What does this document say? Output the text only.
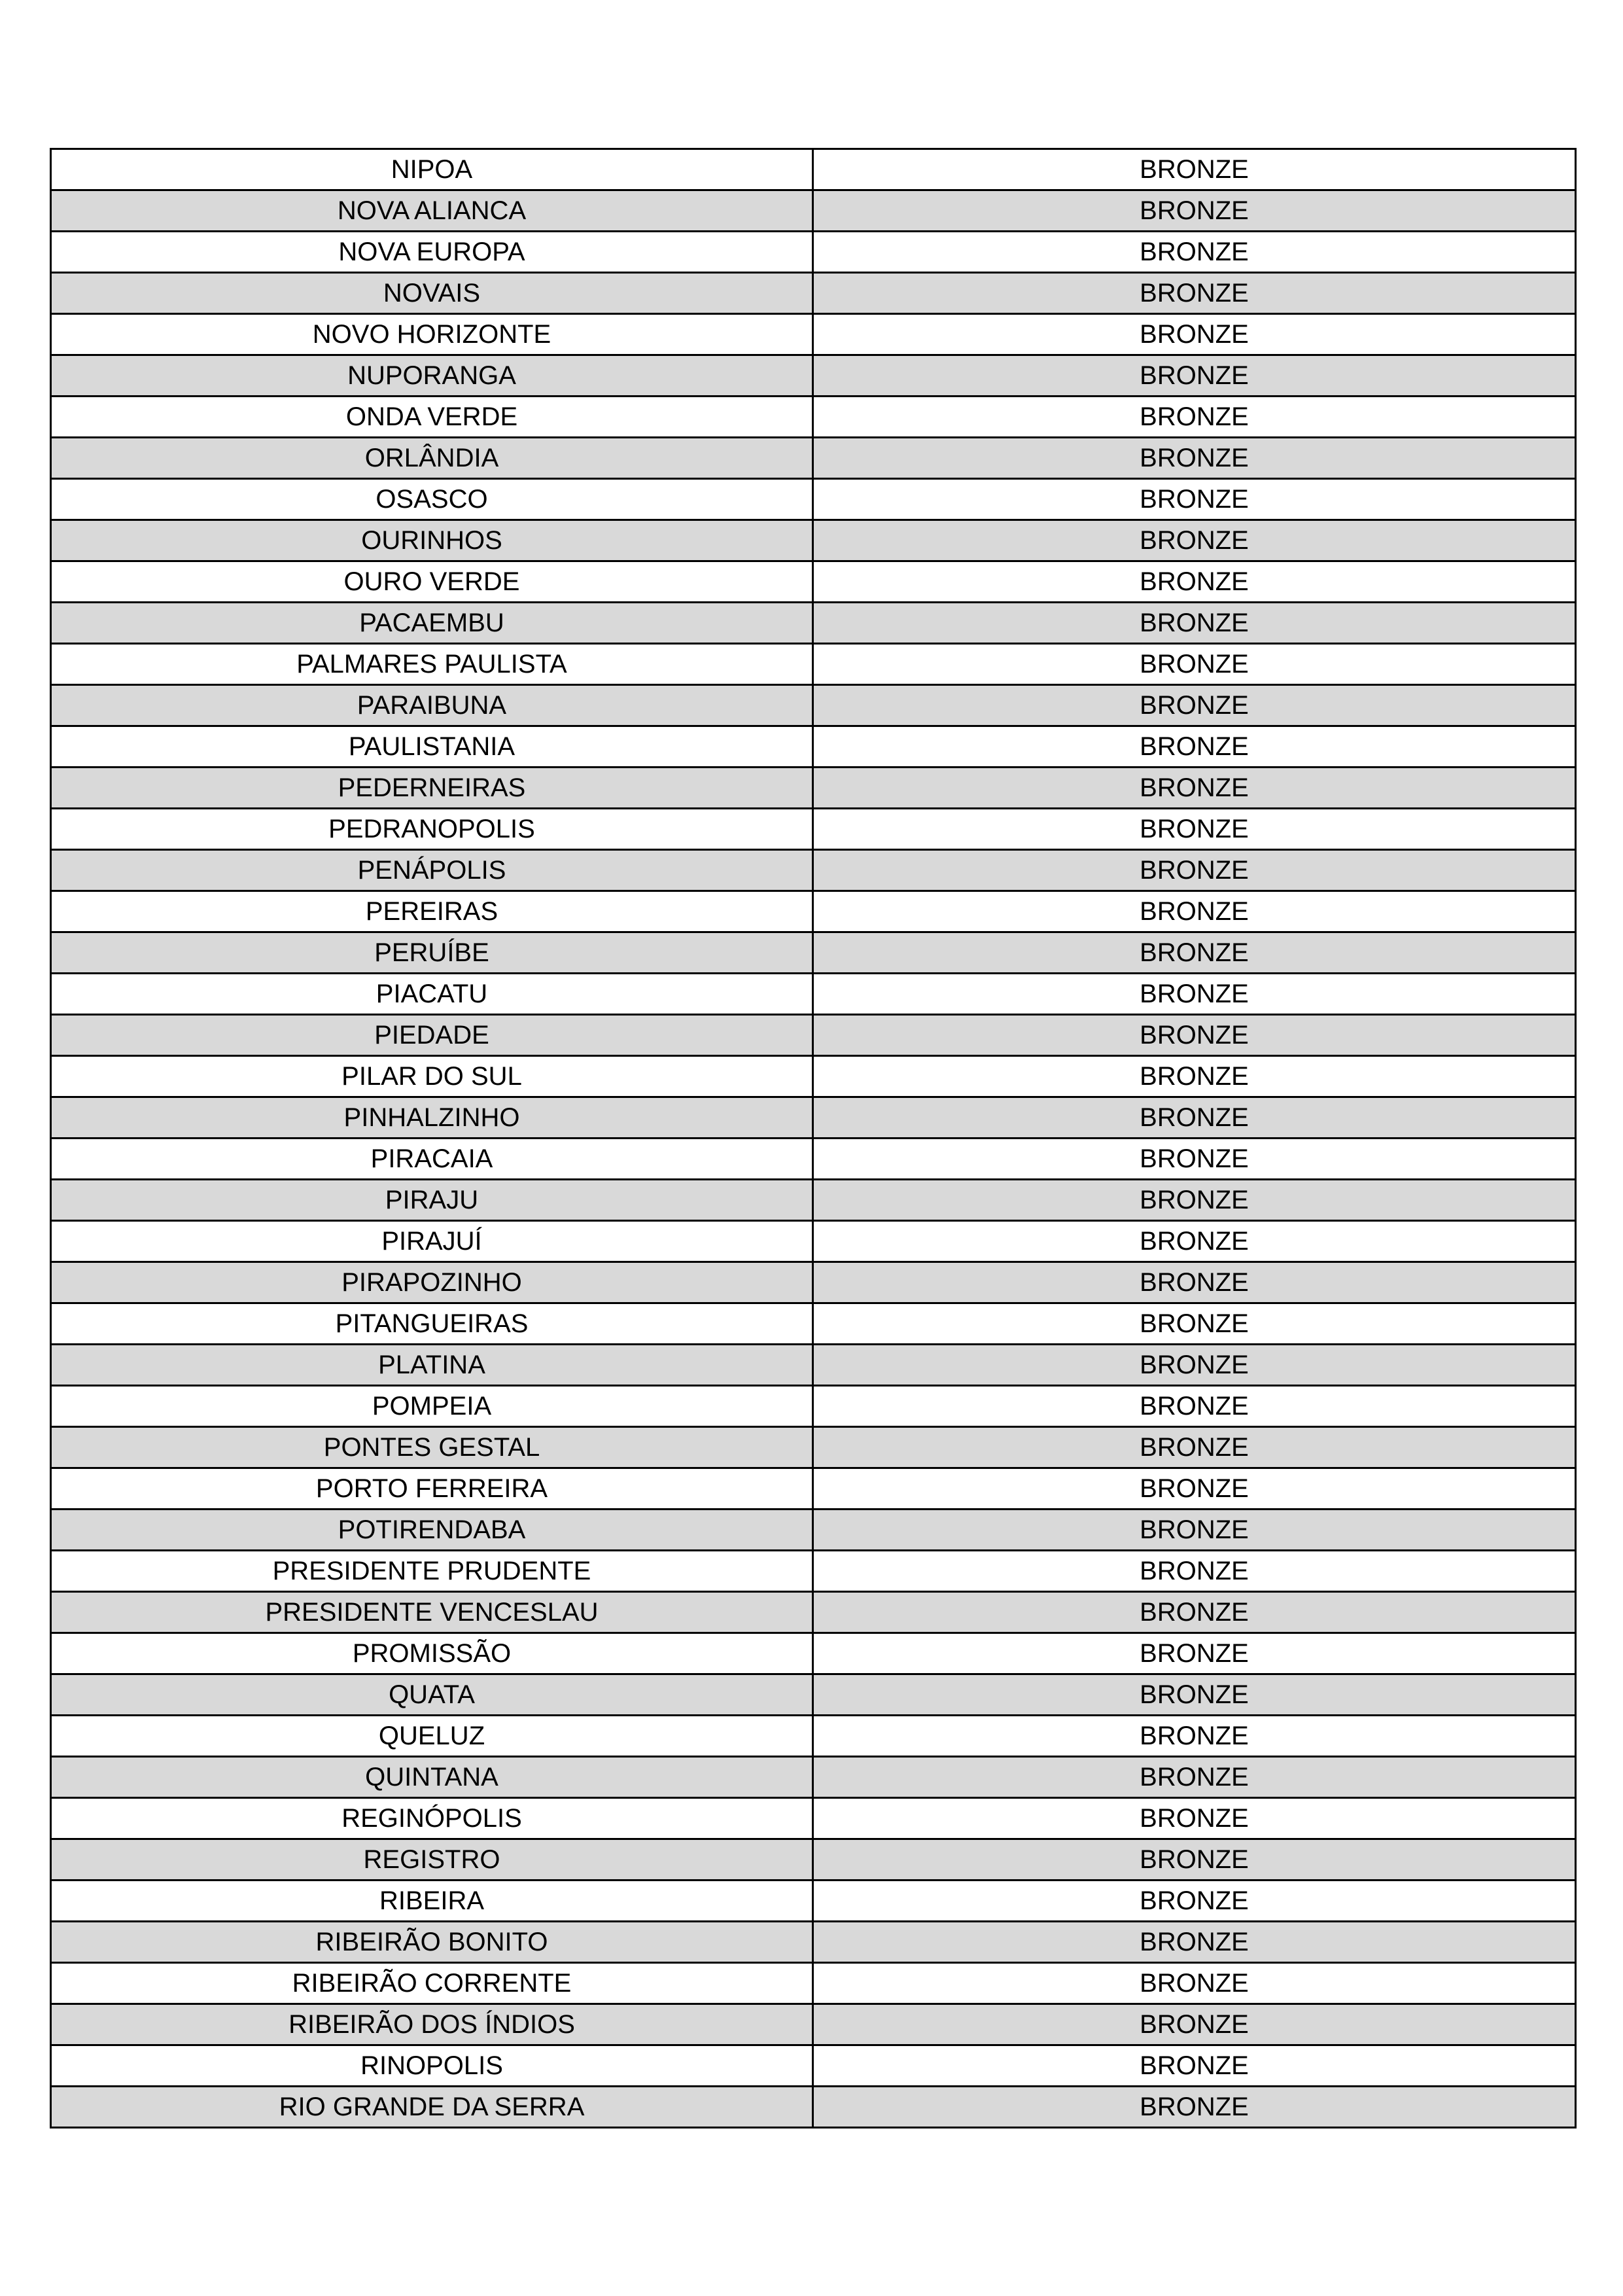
NIPOA	BRONZE
NOVA ALIANCA	BRONZE
NOVA EUROPA	BRONZE
NOVAIS	BRONZE
NOVO HORIZONTE	BRONZE
NUPORANGA	BRONZE
ONDA VERDE	BRONZE
ORLÂNDIA	BRONZE
OSASCO	BRONZE
OURINHOS	BRONZE
OURO VERDE	BRONZE
PACAEMBU	BRONZE
PALMARES PAULISTA	BRONZE
PARAIBUNA	BRONZE
PAULISTANIA	BRONZE
PEDERNEIRAS	BRONZE
PEDRANOPOLIS	BRONZE
PENÁPOLIS	BRONZE
PEREIRAS	BRONZE
PERUÍBE	BRONZE
PIACATU	BRONZE
PIEDADE	BRONZE
PILAR DO SUL	BRONZE
PINHALZINHO	BRONZE
PIRACAIA	BRONZE
PIRAJU	BRONZE
PIRAJUÍ	BRONZE
PIRAPOZINHO	BRONZE
PITANGUEIRAS	BRONZE
PLATINA	BRONZE
POMPEIA	BRONZE
PONTES GESTAL	BRONZE
PORTO FERREIRA	BRONZE
POTIRENDABA	BRONZE
PRESIDENTE PRUDENTE	BRONZE
PRESIDENTE VENCESLAU	BRONZE
PROMISSÃO	BRONZE
QUATA	BRONZE
QUELUZ	BRONZE
QUINTANA	BRONZE
REGINÓPOLIS	BRONZE
REGISTRO	BRONZE
RIBEIRA	BRONZE
RIBEIRÃO BONITO	BRONZE
RIBEIRÃO CORRENTE	BRONZE
RIBEIRÃO DOS ÍNDIOS	BRONZE
RINOPOLIS	BRONZE
RIO GRANDE DA SERRA	BRONZE
